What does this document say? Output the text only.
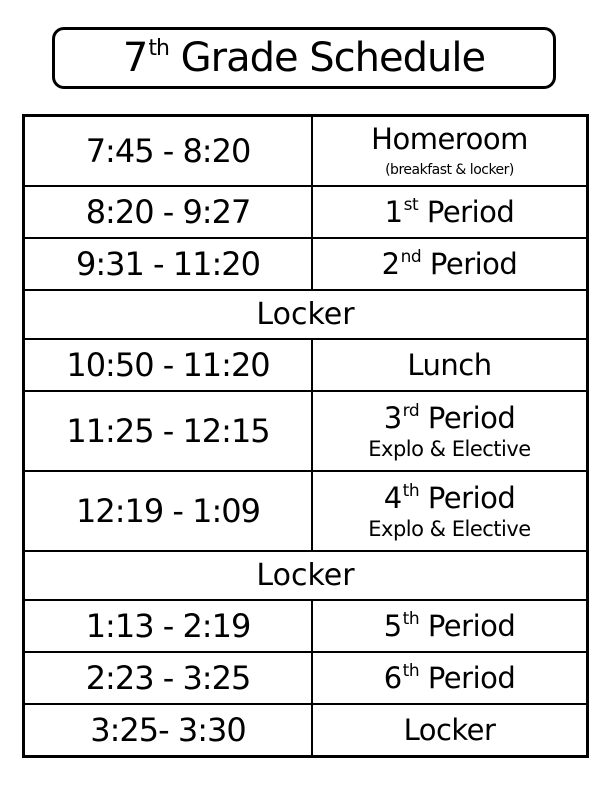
7th Grade Schedule
7:45 - 8:20	Homeroom
(breakfast & locker)

8:20 - 9:27	1st Period
9:31 - 11:20	2nd Period
Locker	
10:50 - 11:20	Lunch
11:25 - 12:15	3rd Period
Explo & Elective

12:19 - 1:09	4th Period
Explo & Elective

Locker	
1:13 - 2:19	5th Period
2:23 - 3:25	6th Period
3:25- 3:30	Locker
